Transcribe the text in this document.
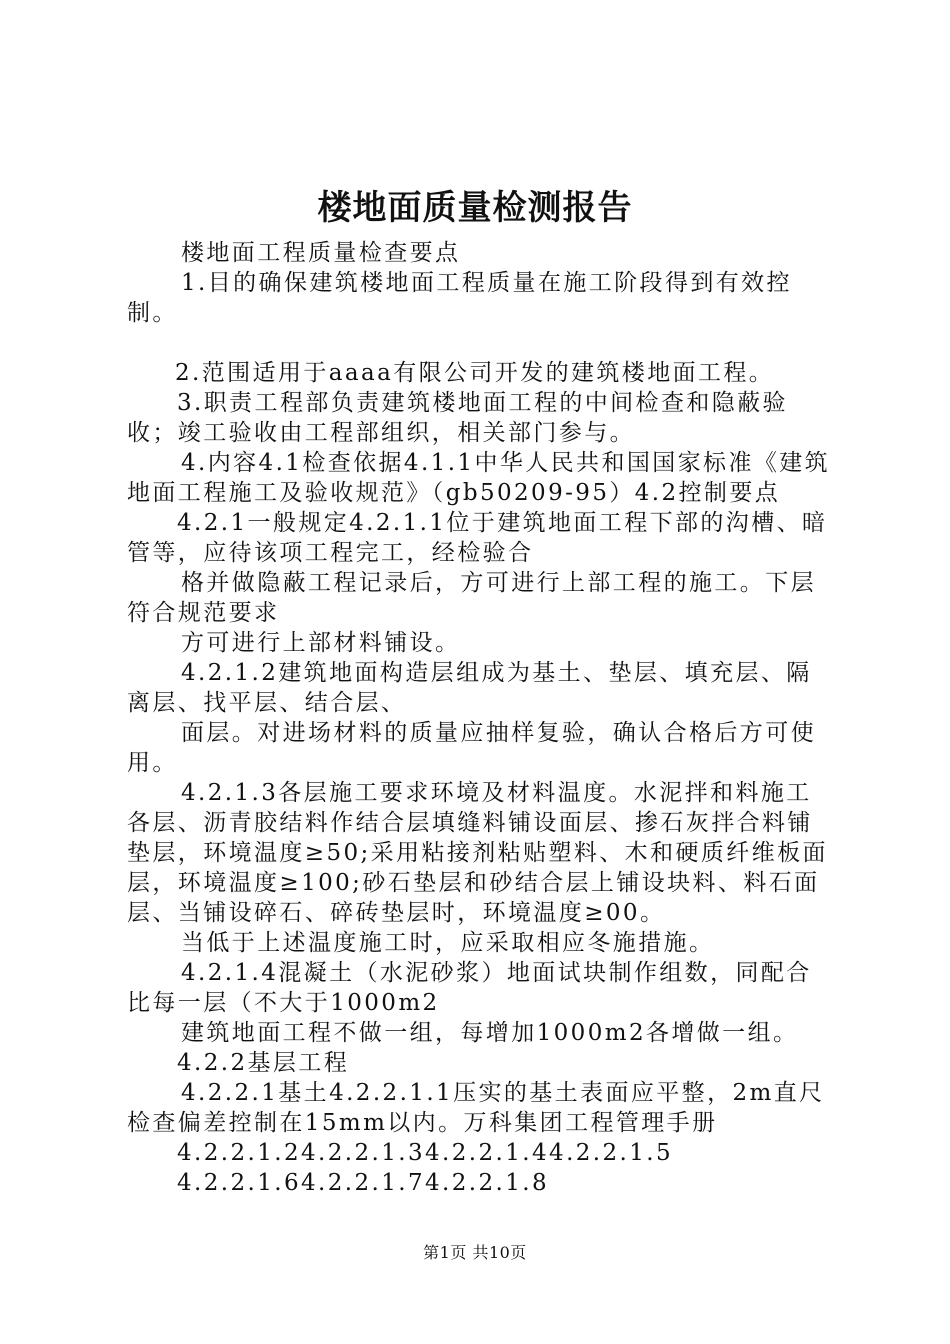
楼地面质量检测报告

楼地面工程质量检查要点

1.目的确保建筑楼地面工程质量在施工阶段得到有效控制。

2.范围适用于aaaa有限公司开发的建筑楼地面工程。

3.职责工程部负责建筑楼地面工程的中间检查和隐蔽验收；竣工验收由工程部组织，相关部门参与。

4.内容4.1检查依据4.1.1中华人民共和国国家标准《建筑地面工程施工及验收规范》（gb50209-95）4.2控制要点

4.2.1一般规定4.2.1.1位于建筑地面工程下部的沟槽、暗管等，应待该项工程完工，经检验合

格并做隐蔽工程记录后，方可进行上部工程的施工。下层符合规范要求

方可进行上部材料铺设。

4.2.1.2建筑地面构造层组成为基土、垫层、填充层、隔离层、找平层、结合层、

面层。对进场材料的质量应抽样复验，确认合格后方可使用。

4.2.1.3各层施工要求环境及材料温度。水泥拌和料施工各层、沥青胶结料作结合层填缝料铺设面层、掺石灰拌合料铺垫层，环境温度≥50;采用粘接剂粘贴塑料、木和硬质纤维板面层，环境温度≥100;砂石垫层和砂结合层上铺设块料、料石面层、当铺设碎石、碎砖垫层时，环境温度≥00。

当低于上述温度施工时，应采取相应冬施措施。

4.2.1.4混凝土（水泥砂浆）地面试块制作组数，同配合比每一层（不大于1000m2

建筑地面工程不做一组，每增加1000m2各增做一组。

4.2.2基层工程

4.2.2.1基土4.2.2.1.1压实的基土表面应平整，2m直尺检查偏差控制在15mm以内。万科集团工程管理手册

4.2.2.1.24.2.2.1.34.2.2.1.44.2.2.1.5

4.2.2.1.64.2.2.1.74.2.2.1.8

第1页 共10页
